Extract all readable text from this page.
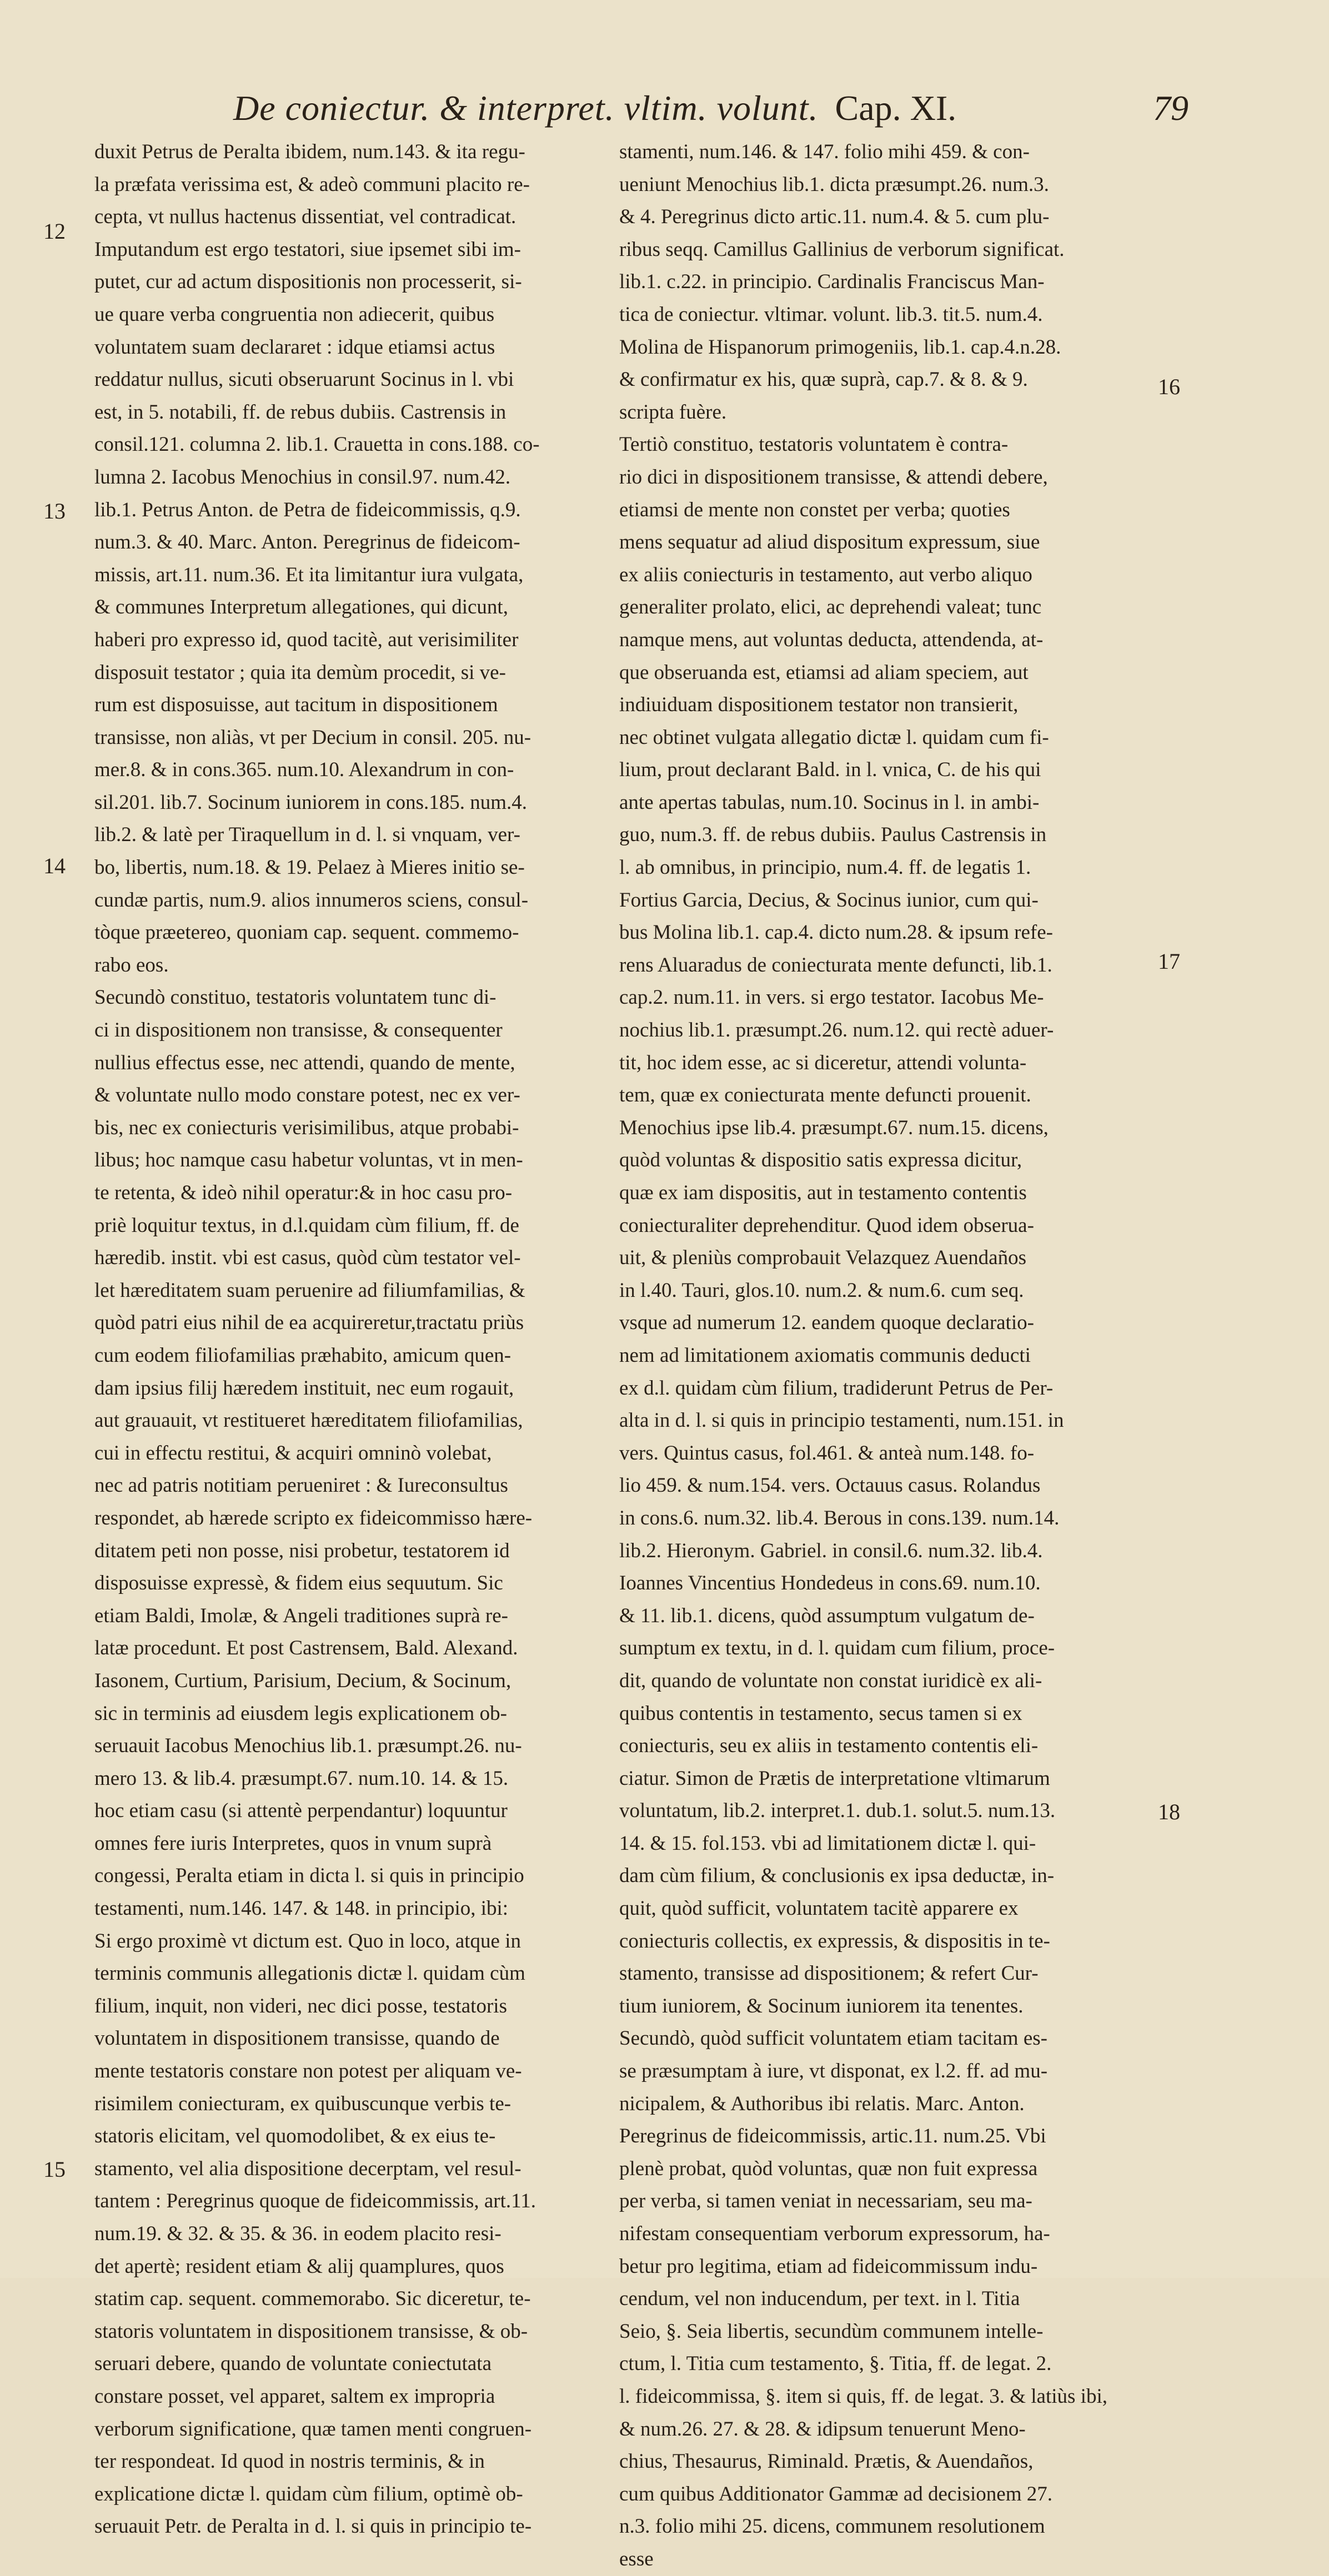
De coniectur. & interpret. vltim. volunt. Cap. XI.	79
12
13
14
15
16
17
18
duxit Petrus de Peralta ibidem, num.143. & ita regu-
la præfata verissima est, & adeò communi placito re-
cepta, vt nullus hactenus dissentiat, vel contradicat.
Imputandum est ergo testatori, siue ipsemet sibi im-
putet, cur ad actum dispositionis non processerit, si-
ue quare verba congruentia non adiecerit, quibus
voluntatem suam declararet : idque etiamsi actus
reddatur nullus, sicuti obseruarunt Socinus in l. vbi
est, in 5. notabili, ff. de rebus dubiis. Castrensis in
consil.121. columna 2. lib.1. Crauetta in cons.188. co-
lumna 2. Iacobus Menochius in consil.97. num.42.
lib.1. Petrus Anton. de Petra de fideicommissis, q.9.
num.3. & 40. Marc. Anton. Peregrinus de fideicom-
missis, art.11. num.36. Et ita limitantur iura vulgata,
& communes Interpretum allegationes, qui dicunt,
haberi pro expresso id, quod tacitè, aut verisimiliter
disposuit testator ; quia ita demùm procedit, si ve-
rum est disposuisse, aut tacitum in dispositionem
transisse, non aliàs, vt per Decium in consil. 205. nu-
mer.8. & in cons.365. num.10. Alexandrum in con-
sil.201. lib.7. Socinum iuniorem in cons.185. num.4.
lib.2. & latè per Tiraquellum in d. l. si vnquam, ver-
bo, libertis, num.18. & 19. Pelaez à Mieres initio se-
cundæ partis, num.9. alios innumeros sciens, consul-
tòque præetereo, quoniam cap. sequent. commemo-
rabo eos.
Secundò constituo, testatoris voluntatem tunc di-
ci in dispositionem non transisse, & consequenter
nullius effectus esse, nec attendi, quando de mente,
& voluntate nullo modo constare potest, nec ex ver-
bis, nec ex coniecturis verisimilibus, atque probabi-
libus; hoc namque casu habetur voluntas, vt in men-
te retenta, & ideò nihil operatur:& in hoc casu pro-
priè loquitur textus, in d.l.quidam cùm filium, ff. de
hæredib. instit. vbi est casus, quòd cùm testator vel-
let hæreditatem suam peruenire ad filiumfamilias, &
quòd patri eius nihil de ea acquireretur,tractatu priùs
cum eodem filiofamilias præhabito, amicum quen-
dam ipsius filij hæredem instituit, nec eum rogauit,
aut grauauit, vt restitueret hæreditatem filiofamilias,
cui in effectu restitui, & acquiri omninò volebat,
nec ad patris notitiam perueniret : & Iureconsultus
respondet, ab hærede scripto ex fideicommisso hære-
ditatem peti non posse, nisi probetur, testatorem id
disposuisse expressè, & fidem eius sequutum. Sic
etiam Baldi, Imolæ, & Angeli traditiones suprà re-
latæ procedunt. Et post Castrensem, Bald. Alexand.
Iasonem, Curtium, Parisium, Decium, & Socinum,
sic in terminis ad eiusdem legis explicationem ob-
seruauit Iacobus Menochius lib.1. præsumpt.26. nu-
mero 13. & lib.4. præsumpt.67. num.10. 14. & 15.
hoc etiam casu (si attentè perpendantur) loquuntur
omnes fere iuris Interpretes, quos in vnum suprà
congessi, Peralta etiam in dicta l. si quis in principio
testamenti, num.146. 147. & 148. in principio, ibi:
Si ergo proximè vt dictum est. Quo in loco, atque in
terminis communis allegationis dictæ l. quidam cùm
filium, inquit, non videri, nec dici posse, testatoris
voluntatem in dispositionem transisse, quando de
mente testatoris constare non potest per aliquam ve-
risimilem coniecturam, ex quibuscunque verbis te-
statoris elicitam, vel quomodolibet, & ex eius te-
stamento, vel alia dispositione decerptam, vel resul-
tantem : Peregrinus quoque de fideicommissis, art.11.
num.19. & 32. & 35. & 36. in eodem placito resi-
det apertè; resident etiam & alij quamplures, quos
statim cap. sequent. commemorabo. Sic diceretur, te-
statoris voluntatem in dispositionem transisse, & ob-
seruari debere, quando de voluntate coniectutata
constare posset, vel apparet, saltem ex impropria
verborum significatione, quæ tamen menti congruen-
ter respondeat. Id quod in nostris terminis, & in
explicatione dictæ l. quidam cùm filium, optimè ob-
seruauit Petr. de Peralta in d. l. si quis in principio te-
stamenti, num.146. & 147. folio mihi 459. & con-
ueniunt Menochius lib.1. dicta præsumpt.26. num.3.
& 4. Peregrinus dicto artic.11. num.4. & 5. cum plu-
ribus seqq. Camillus Gallinius de verborum significat.
lib.1. c.22. in principio. Cardinalis Franciscus Man-
tica de coniectur. vltimar. volunt. lib.3. tit.5. num.4.
Molina de Hispanorum primogeniis, lib.1. cap.4.n.28.
& confirmatur ex his, quæ suprà, cap.7. & 8. & 9.
scripta fuère.
Tertiò constituo, testatoris voluntatem è contra-
rio dici in dispositionem transisse, & attendi debere,
etiamsi de mente non constet per verba; quoties
mens sequatur ad aliud dispositum expressum, siue
ex aliis coniecturis in testamento, aut verbo aliquo
generaliter prolato, elici, ac deprehendi valeat; tunc
namque mens, aut voluntas deducta, attendenda, at-
que obseruanda est, etiamsi ad aliam speciem, aut
indiuiduam dispositionem testator non transierit,
nec obtinet vulgata allegatio dictæ l. quidam cum fi-
lium, prout declarant Bald. in l. vnica, C. de his qui
ante apertas tabulas, num.10. Socinus in l. in ambi-
guo, num.3. ff. de rebus dubiis. Paulus Castrensis in
l. ab omnibus, in principio, num.4. ff. de legatis 1.
Fortius Garcia, Decius, & Socinus iunior, cum qui-
bus Molina lib.1. cap.4. dicto num.28. & ipsum refe-
rens Aluaradus de coniecturata mente defuncti, lib.1.
cap.2. num.11. in vers. si ergo testator. Iacobus Me-
nochius lib.1. præsumpt.26. num.12. qui rectè aduer-
tit, hoc idem esse, ac si diceretur, attendi volunta-
tem, quæ ex coniecturata mente defuncti prouenit.
Menochius ipse lib.4. præsumpt.67. num.15. dicens,
quòd voluntas & dispositio satis expressa dicitur,
quæ ex iam dispositis, aut in testamento contentis
coniecturaliter deprehenditur. Quod idem obserua-
uit, & pleniùs comprobauit Velazquez Auendaños
in l.40. Tauri, glos.10. num.2. & num.6. cum seq.
vsque ad numerum 12. eandem quoque declaratio-
nem ad limitationem axiomatis communis deducti
ex d.l. quidam cùm filium, tradiderunt Petrus de Per-
alta in d. l. si quis in principio testamenti, num.151. in
vers. Quintus casus, fol.461. & anteà num.148. fo-
lio 459. & num.154. vers. Octauus casus. Rolandus
in cons.6. num.32. lib.4. Berous in cons.139. num.14.
lib.2. Hieronym. Gabriel. in consil.6. num.32. lib.4.
Ioannes Vincentius Hondedeus in cons.69. num.10.
& 11. lib.1. dicens, quòd assumptum vulgatum de-
sumptum ex textu, in d. l. quidam cum filium, proce-
dit, quando de voluntate non constat iuridicè ex ali-
quibus contentis in testamento, secus tamen si ex
coniecturis, seu ex aliis in testamento contentis eli-
ciatur. Simon de Prætis de interpretatione vltimarum
voluntatum, lib.2. interpret.1. dub.1. solut.5. num.13.
14. & 15. fol.153. vbi ad limitationem dictæ l. qui-
dam cùm filium, & conclusionis ex ipsa deductæ, in-
quit, quòd sufficit, voluntatem tacitè apparere ex
coniecturis collectis, ex expressis, & dispositis in te-
stamento, transisse ad dispositionem; & refert Cur-
tium iuniorem, & Socinum iuniorem ita tenentes.
Secundò, quòd sufficit voluntatem etiam tacitam es-
se præsumptam à iure, vt disponat, ex l.2. ff. ad mu-
nicipalem, & Authoribus ibi relatis. Marc. Anton.
Peregrinus de fideicommissis, artic.11. num.25. Vbi
plenè probat, quòd voluntas, quæ non fuit expressa
per verba, si tamen veniat in necessariam, seu ma-
nifestam consequentiam verborum expressorum, ha-
betur pro legitima, etiam ad fideicommissum indu-
cendum, vel non inducendum, per text. in l. Titia
Seio, §. Seia libertis, secundùm communem intelle-
ctum, l. Titia cum testamento, §. Titia, ff. de legat. 2.
l. fideicommissa, §. item si quis, ff. de legat. 3. & latiùs ibi,
& num.26. 27. & 28. & idipsum tenuerunt Meno-
chius, Thesaurus, Riminald. Prætis, & Auendaños,
cum quibus Additionator Gammæ ad decisionem 27.
n.3. folio mihi 25. dicens, communem resolutionem
esse
